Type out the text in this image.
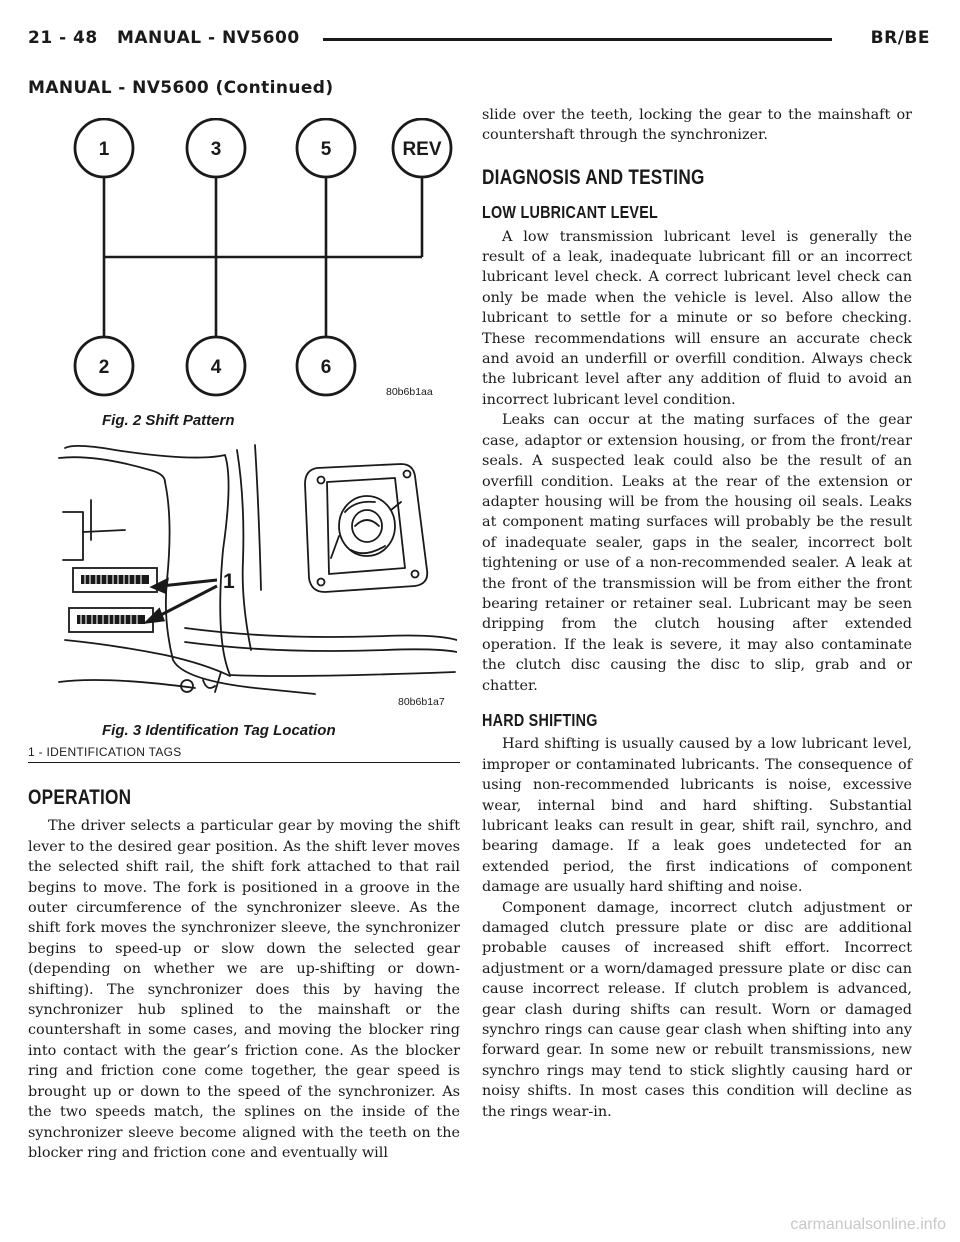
21 - 48 MANUAL - NV5600	BR/BE
MANUAL - NV5600 (Continued)
1	3	5	REV
2	4	6
80b6b1aa
Fig. 2 Shift Pattern
1
80b6b1a7
Fig. 3 Identification Tag Location
1 - IDENTIFICATION TAGS
OPERATION

The driver selects a particular gear by moving the shift lever to the desired gear position. As the shift lever moves the selected shift rail, the shift fork attached to that rail begins to move. The fork is positioned in a groove in the outer circumference of the synchronizer sleeve. As the shift fork moves the synchronizer sleeve, the synchronizer begins to speed-up or slow down the selected gear (depending on whether we are up-shifting or down-shifting). The synchronizer does this by having the synchronizer hub splined to the mainshaft or the countershaft in some cases, and moving the blocker ring into contact with the gear’s friction cone. As the blocker ring and friction cone come together, the gear speed is brought up or down to the speed of the synchronizer. As the two speeds match, the splines on the inside of the synchronizer sleeve become aligned with the teeth on the blocker ring and friction cone and eventually will

slide over the teeth, locking the gear to the mainshaft or countershaft through the synchronizer.

DIAGNOSIS AND TESTING
LOW LUBRICANT LEVEL

A low transmission lubricant level is generally the result of a leak, inadequate lubricant fill or an incorrect lubricant level check. A correct lubricant level check can only be made when the vehicle is level. Also allow the lubricant to settle for a minute or so before checking. These recommendations will ensure an accurate check and avoid an underfill or overfill condition. Always check the lubricant level after any addition of fluid to avoid an incorrect lubricant level condition.

Leaks can occur at the mating surfaces of the gear case, adaptor or extension housing, or from the front/rear seals. A suspected leak could also be the result of an overfill condition. Leaks at the rear of the extension or adapter housing will be from the housing oil seals. Leaks at component mating surfaces will probably be the result of inadequate sealer, gaps in the sealer, incorrect bolt tightening or use of a non-recommended sealer. A leak at the front of the transmission will be from either the front bearing retainer or retainer seal. Lubricant may be seen dripping from the clutch housing after extended operation. If the leak is severe, it may also contaminate the clutch disc causing the disc to slip, grab and or chatter.

HARD SHIFTING

Hard shifting is usually caused by a low lubricant level, improper or contaminated lubricants. The consequence of using non-recommended lubricants is noise, excessive wear, internal bind and hard shifting. Substantial lubricant leaks can result in gear, shift rail, synchro, and bearing damage. If a leak goes undetected for an extended period, the first indications of component damage are usually hard shifting and noise.

Component damage, incorrect clutch adjustment or damaged clutch pressure plate or disc are additional probable causes of increased shift effort. Incorrect adjustment or a worn/damaged pressure plate or disc can cause incorrect release. If clutch problem is advanced, gear clash during shifts can result. Worn or damaged synchro rings can cause gear clash when shifting into any forward gear. In some new or rebuilt transmissions, new synchro rings may tend to stick slightly causing hard or noisy shifts. In most cases this condition will decline as the rings wear-in.

carmanualsonline.info
